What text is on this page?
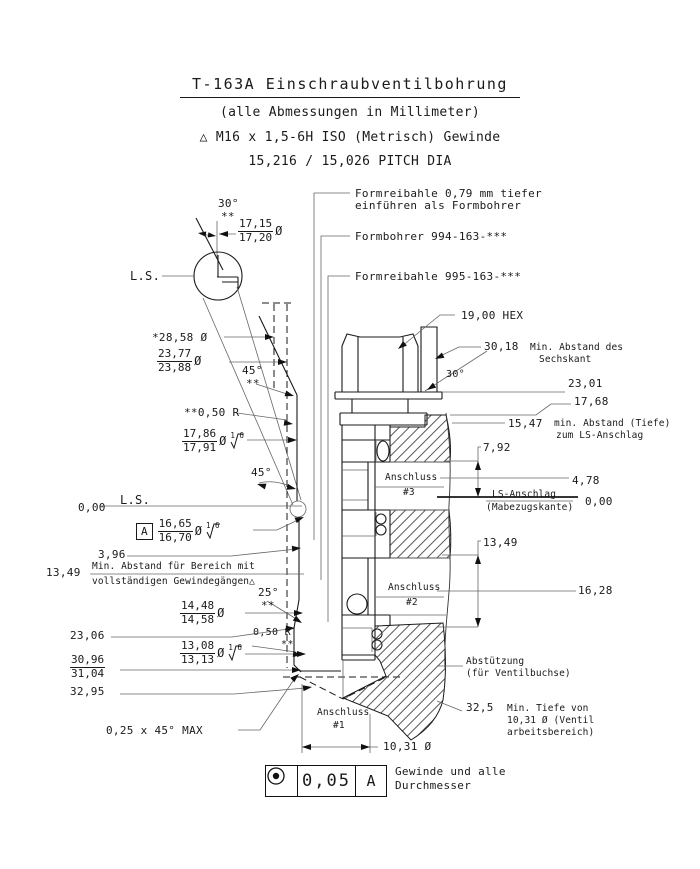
T-163A Einschraubventilbohrung
(alle Abmessungen in Millimeter)
△ M16 x 1,5-6H ISO (Metrisch) Gewinde
15,216 / 15,026 PITCH DIA
Formreibahle 0,79 mm tiefer
einführen als Formbohrer
Formbohrer 994-163-***
Formreibahle 995-163-***
30°
**
$\frac{17,15}{17,20}$ Ø
L.S.
*28,58 Ø
$\frac{23,77}{23,88}$ Ø
45°
**
**0,50 R
$\frac{17,86}{17,91}$ Ø 1,6
45°
0,00
L.S.
A $\frac{16,65}{16,70}$ Ø 1,6
3,96
13,49 Min. Abstand für Bereich mit
vollständigen Gewindegängen△
25°
**
$\frac{14,48}{14,58}$ Ø
23,06	0,50 R
**
$\frac{13,08}{13,13}$ Ø 1,6
$\frac{30,96}{31,04}$
32,95
0,25 x 45° MAX
19,00 HEX
30,18 Min. Abstand des
Sechskant
30°
23,01
17,68
15,47 min. Abstand (Tiefe)
zum LS-Anschlag
7,92
4,78
LS-Anschlag
(Mabezugskante) 0,00
13,49
16,28
Abstützung
(für Ventilbuchse)
32,5 Min. Tiefe von
10,31 Ø (Ventil
arbeitsbereich)
Anschluss
#3
Anschluss
#2
Anschluss
#1
10,31 Ø
0,05	A
Gewinde und alle
Durchmesser
